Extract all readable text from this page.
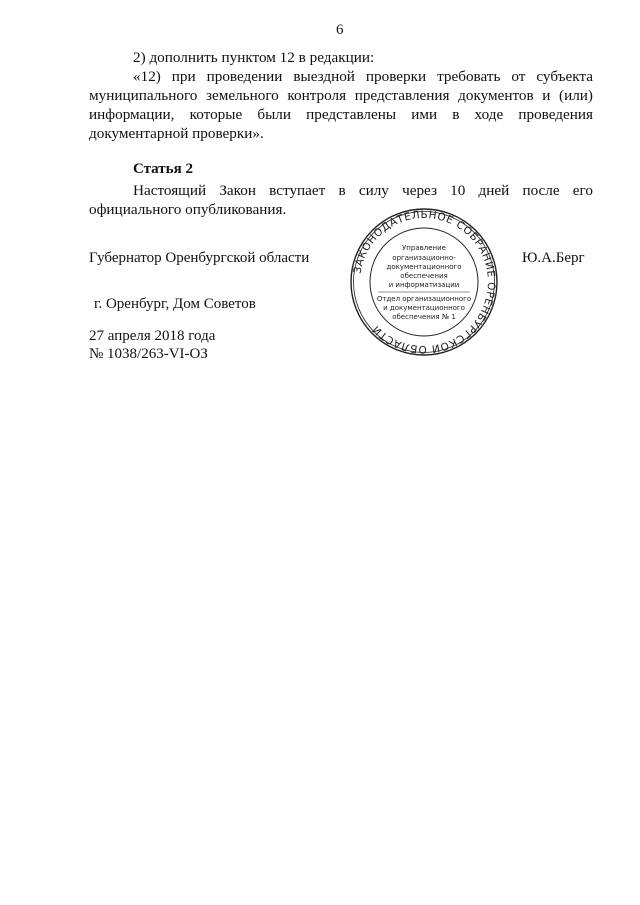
6
2) дополнить пунктом 12 в редакции:
«12) при проведении выездной проверки требовать от субъекта муниципального земельного контроля представления документов и (или) информации, которые были представлены ими в ходе проведения документарной проверки».
Статья 2
Настоящий Закон вступает в силу через 10 дней после его официального опубликования.
Губернатор Оренбургской области	Ю.А.Берг
г. Оренбург, Дом Советов
27 апреля 2018 года
№ 1038/263-VI-ОЗ
ЗАКОНОДАТЕЛЬНОЕ СОБРАНИЕ ОРЕНБУРГСКОЙ ОБЛАСТИ
Управление
организационно-
документационного
обеспечения
и информатизации
Отдел организационного
и документационного
обеспечения № 1
